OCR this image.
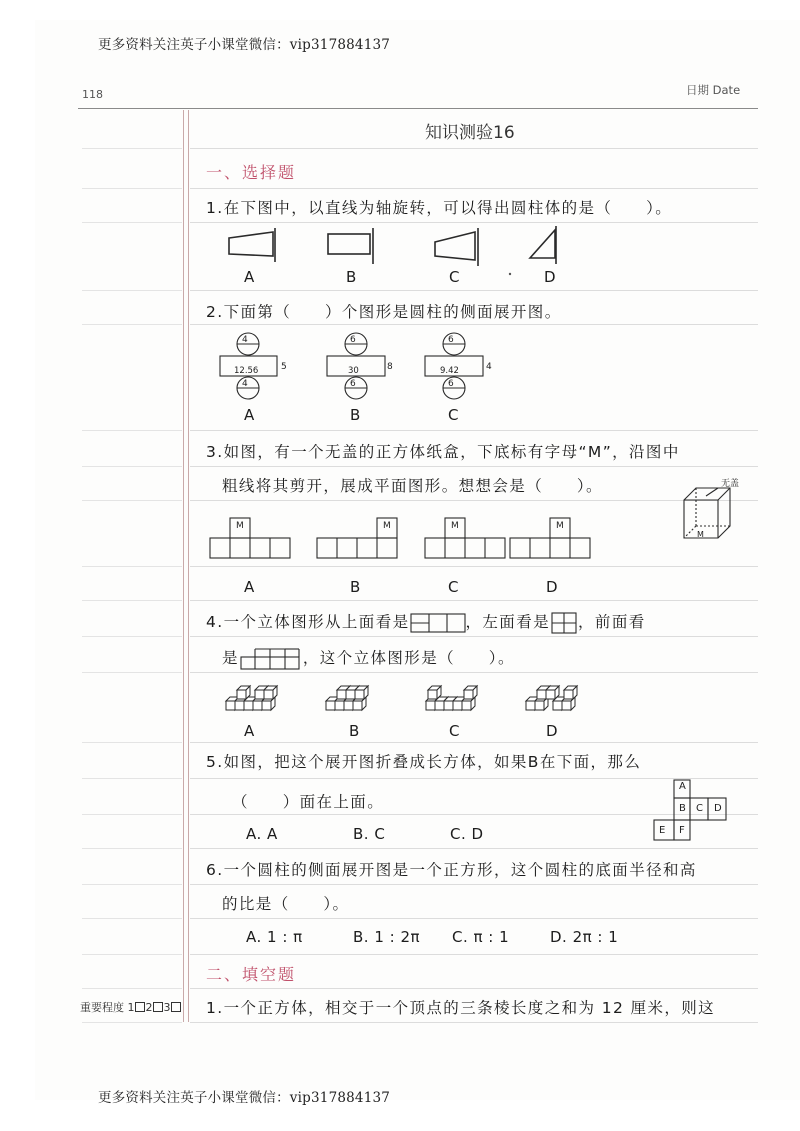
更多资料关注英子小课堂微信：vip317884137
更多资料关注英子小课堂微信：vip317884137
118	日期 Date
知识测验16
一、选择题
1.在下图中，以直线为轴旋转，可以得出圆柱体的是（　　）。
A	B	C	D
2.下面第（　　）个图形是圆柱的侧面展开图。
4
12.56
4
5
6
30
6
8
6
9.42
6
4
A	B	C
3.如图，有一个无盖的正方体纸盒，下底标有字母“M”，沿图中
粗线将其剪开，展成平面图形。想想会是（　　）。	无盖
M
M	M	M	M
A	B	C	D
4.一个立体图形从上面看是	，左面看是 ，前面看
是	，这个立体图形是（　　）。
A	B	C	D
5.如图，把这个展开图折叠成长方体，如果B在下面，那么
（　　）面在上面。
A. A	B. C	C. D
A
B C D
E F
6.一个圆柱的侧面展开图是一个正方形，这个圆柱的底面半径和高
的比是（　　）。
A. 1 : π	B. 1 : 2π C. π : 1	D. 2π : 1
二、填空题
1.一个正方体，相交于一个顶点的三条棱长度之和为 12 厘米，则这
重要程度 1 2 3
